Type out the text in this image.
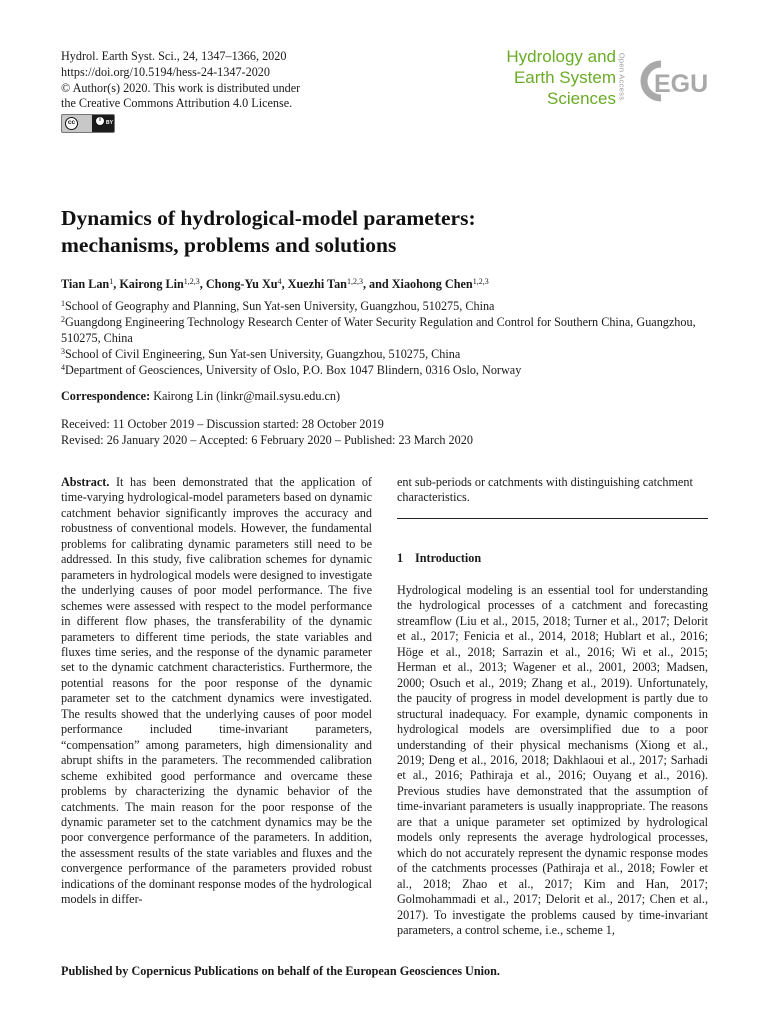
Hydrol. Earth Syst. Sci., 24, 1347–1366, 2020
https://doi.org/10.5194/hess-24-1347-2020
© Author(s) 2020. This work is distributed under
the Creative Commons Attribution 4.0 License.
cc	i	BY
Hydrology and
Earth System
Sciences Open Access EGU
Dynamics of hydrological-model parameters:
mechanisms, problems and solutions
Tian Lan$^1$, Kairong Lin$^{1,2,3}$, Chong-Yu Xu$^4$, Xuezhi Tan$^{1,2,3}$, and Xiaohong Chen$^{1,2,3}$
$^1$School of Geography and Planning, Sun Yat-sen University, Guangzhou, 510275, China
$^2$Guangdong Engineering Technology Research Center of Water Security Regulation and Control for Southern China, Guangzhou, 510275, China
$^3$School of Civil Engineering, Sun Yat-sen University, Guangzhou, 510275, China
$^4$Department of Geosciences, University of Oslo, P.O. Box 1047 Blindern, 0316 Oslo, Norway
Correspondence: Kairong Lin (linkr@mail.sysu.edu.cn)
Received: 11 October 2019 – Discussion started: 28 October 2019
Revised: 26 January 2020 – Accepted: 6 February 2020 – Published: 23 March 2020
Abstract. It has been demonstrated that the application of time-varying hydrological-model parameters based on dynamic catchment behavior significantly improves the accuracy and robustness of conventional models. However, the fundamental problems for calibrating dynamic parameters still need to be addressed. In this study, five calibration schemes for dynamic parameters in hydrological models were designed to investigate the underlying causes of poor model performance. The five schemes were assessed with respect to the model performance in different flow phases, the transferability of the dynamic parameters to different time periods, the state variables and fluxes time series, and the response of the dynamic parameter set to the dynamic catchment characteristics. Furthermore, the potential reasons for the poor response of the dynamic parameter set to the catchment dynamics were investigated. The results showed that the underlying causes of poor model performance included time-invariant parameters, “compensation” among parameters, high dimensionality and abrupt shifts in the parameters. The recommended calibration scheme exhibited good performance and overcame these problems by characterizing the dynamic behavior of the catchments. The main reason for the poor response of the dynamic parameter set to the catchment dynamics may be the poor convergence performance of the parameters. In addition, the assessment results of the state variables and fluxes and the convergence performance of the parameters provided robust indications of the dominant response modes of the hydrological models in differ-
ent sub-periods or catchments with distinguishing catchment characteristics.
1 Introduction
Hydrological modeling is an essential tool for understanding the hydrological processes of a catchment and forecasting streamflow (Liu et al., 2015, 2018; Turner et al., 2017; Delorit et al., 2017; Fenicia et al., 2014, 2018; Hublart et al., 2016; Höge et al., 2018; Sarrazin et al., 2016; Wi et al., 2015; Herman et al., 2013; Wagener et al., 2001, 2003; Madsen, 2000; Osuch et al., 2019; Zhang et al., 2019). Unfortunately, the paucity of progress in model development is partly due to structural inadequacy. For example, dynamic components in hydrological models are oversimplified due to a poor understanding of their physical mechanisms (Xiong et al., 2019; Deng et al., 2016, 2018; Dakhlaoui et al., 2017; Sarhadi et al., 2016; Pathiraja et al., 2016; Ouyang et al., 2016). Previous studies have demonstrated that the assumption of time-invariant parameters is usually inappropriate. The reasons are that a unique parameter set optimized by hydrological models only represents the average hydrological processes, which do not accurately represent the dynamic response modes of the catchments processes (Pathiraja et al., 2018; Fowler et al., 2018; Zhao et al., 2017; Kim and Han, 2017; Golmohammadi et al., 2017; Delorit et al., 2017; Chen et al., 2017). To investigate the problems caused by time-invariant parameters, a control scheme, i.e., scheme 1,
Published by Copernicus Publications on behalf of the European Geosciences Union.
